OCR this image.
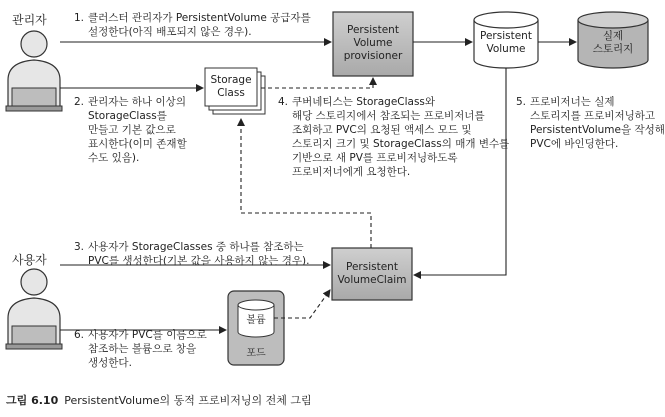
관리자
사용자
Persistent
Volume
provisioner
Storage
Class
Persistent
Volume
실제
스토리지
Persistent
VolumeClaim
볼륨
포드
1. 클러스터 관리자가 PersistentVolume 공급자를
설정한다(아직 배포되지 않은 경우).
2. 관리자는 하나 이상의
StorageClass를
만들고 기본 값으로
표시한다(이미 존재할
수도 있음).
3. 사용자가 StorageClasses 중 하나를 참조하는
PVC를 생성한다(기본 값을 사용하지 않는 경우).
4. 쿠버네티스는 StorageClass와
해당 스토리지에서 참조되는 프로비저너를
조회하고 PVC의 요청된 액세스 모드 및
스토리지 크기 및 StorageClass의 매개 변수를
기반으로 새 PV를 프로비저닝하도록
프로비저너에게 요청한다.
5. 프로비저너는 실제
스토리지를 프로비저닝하고
PersistentVolume을 작성해
PVC에 바인딩한다.
6. 사용자가 PVC를 이름으로
참조하는 볼륨으로 창을
생성한다.
그림 6.10 PersistentVolume의 동적 프로비저닝의 전체 그림
